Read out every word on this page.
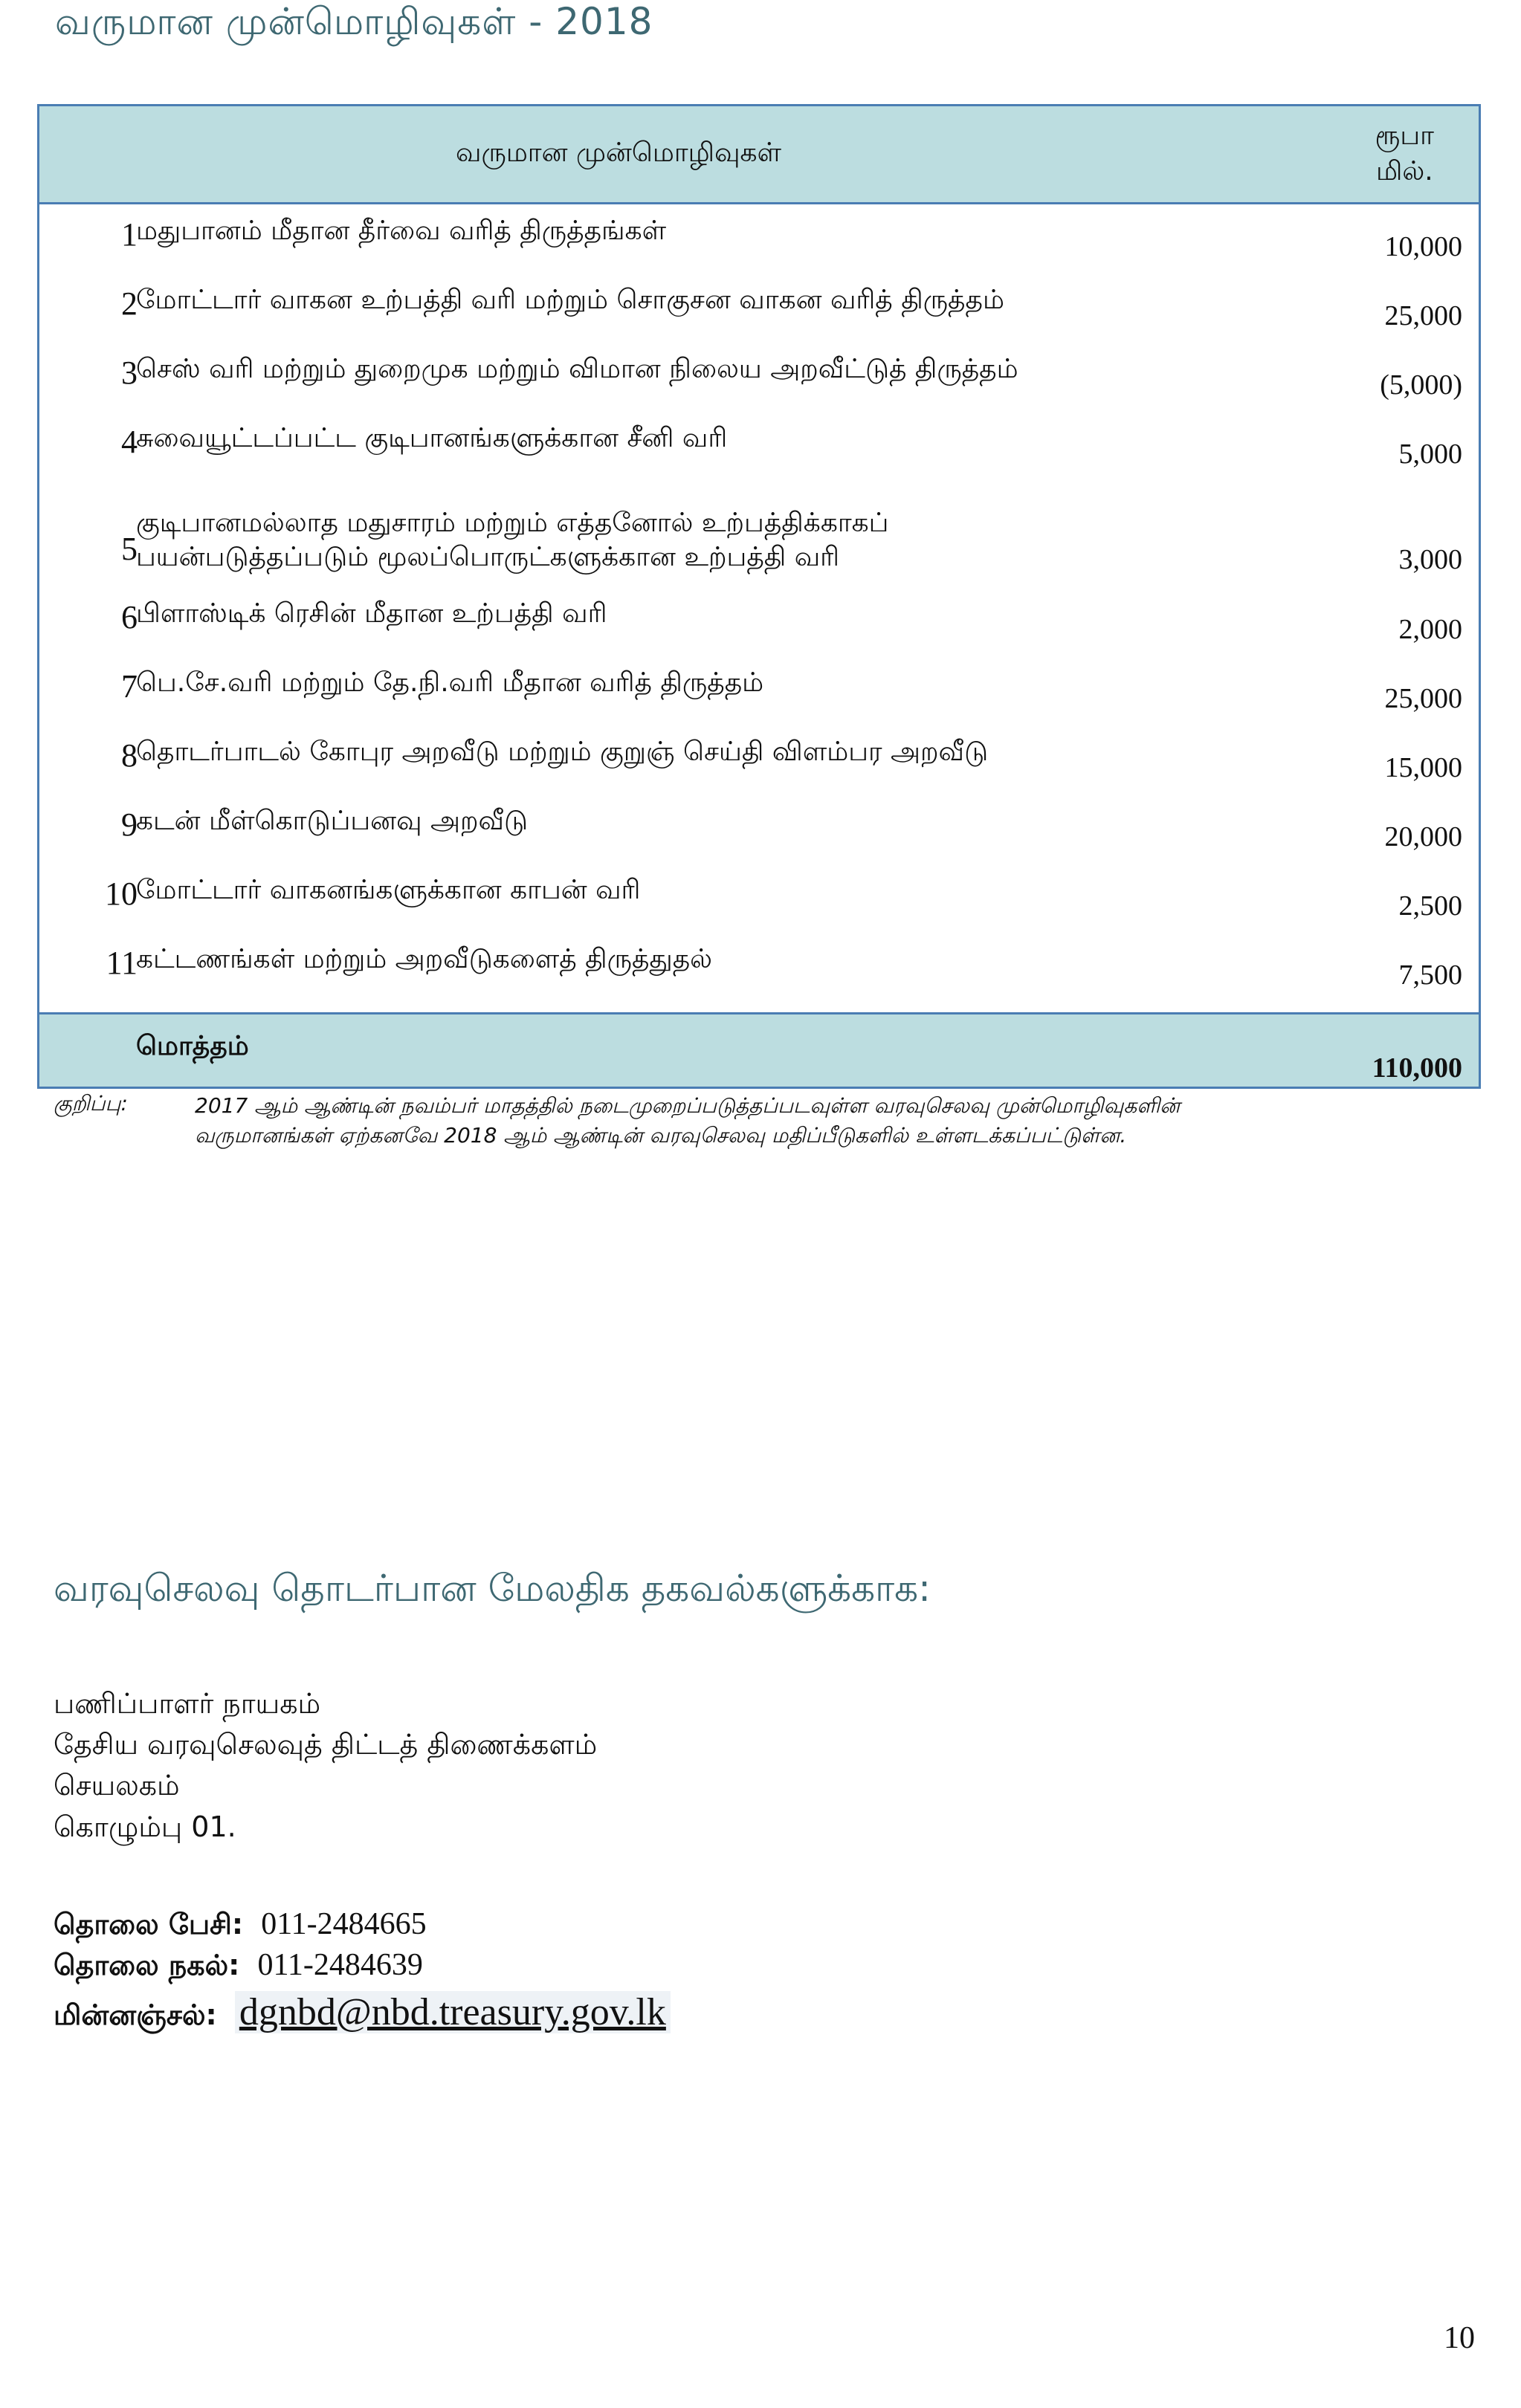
வருமான முன்மொழிவுகள் - 2018
வருமான முன்மொழிவுகள்
ரூபா
மில்.
1
மதுபானம் மீதான தீர்வை வரித் திருத்தங்கள்
10,000
2
மோட்டார் வாகன உற்பத்தி வரி மற்றும் சொகுசன வாகன வரித் திருத்தம்
25,000
3
செஸ் வரி மற்றும் துறைமுக மற்றும் விமான நிலைய அறவீட்டுத் திருத்தம்
(5,000)
4
சுவையூட்டப்பட்ட குடிபானங்களுக்கான சீனி வரி
5,000
5
குடிபானமல்லாத மதுசாரம் மற்றும் எத்தனோல் உற்பத்திக்காகப்
பயன்படுத்தப்படும் மூலப்பொருட்களுக்கான உற்பத்தி வரி	3,000
6
பிளாஸ்டிக் ரெசின் மீதான உற்பத்தி வரி
2,000
7
பெ.சே.வரி மற்றும் தே.நி.வரி மீதான வரித் திருத்தம்
25,000
8
தொடர்பாடல் கோபுர அறவீடு மற்றும் குறுஞ் செய்தி விளம்பர அறவீடு
15,000
9
கடன் மீள்கொடுப்பனவு அறவீடு
20,000
10
மோட்டார் வாகனங்களுக்கான காபன் வரி
2,500
11
கட்டணங்கள் மற்றும் அறவீடுகளைத் திருத்துதல்
7,500
மொத்தம்
110,000
குறிப்பு:	2017 ஆம் ஆண்டின் நவம்பர் மாதத்தில் நடைமுறைப்படுத்தப்படவுள்ள வரவுசெலவு முன்மொழிவுகளின்
வருமானங்கள் ஏற்கனவே 2018 ஆம் ஆண்டின் வரவுசெலவு மதிப்பீடுகளில் உள்ளடக்கப்பட்டுள்ன.
வரவுசெலவு தொடர்பான மேலதிக தகவல்களுக்காக:
பணிப்பாளர் நாயகம்
தேசிய வரவுசெலவுத் திட்டத் திணைக்களம்
செயலகம்
கொழும்பு 01.
தொலை பேசி: 011-2484665
தொலை நகல்: 011-2484639
மின்னஞ்சல்: dgnbd@nbd.treasury.gov.lk
10
